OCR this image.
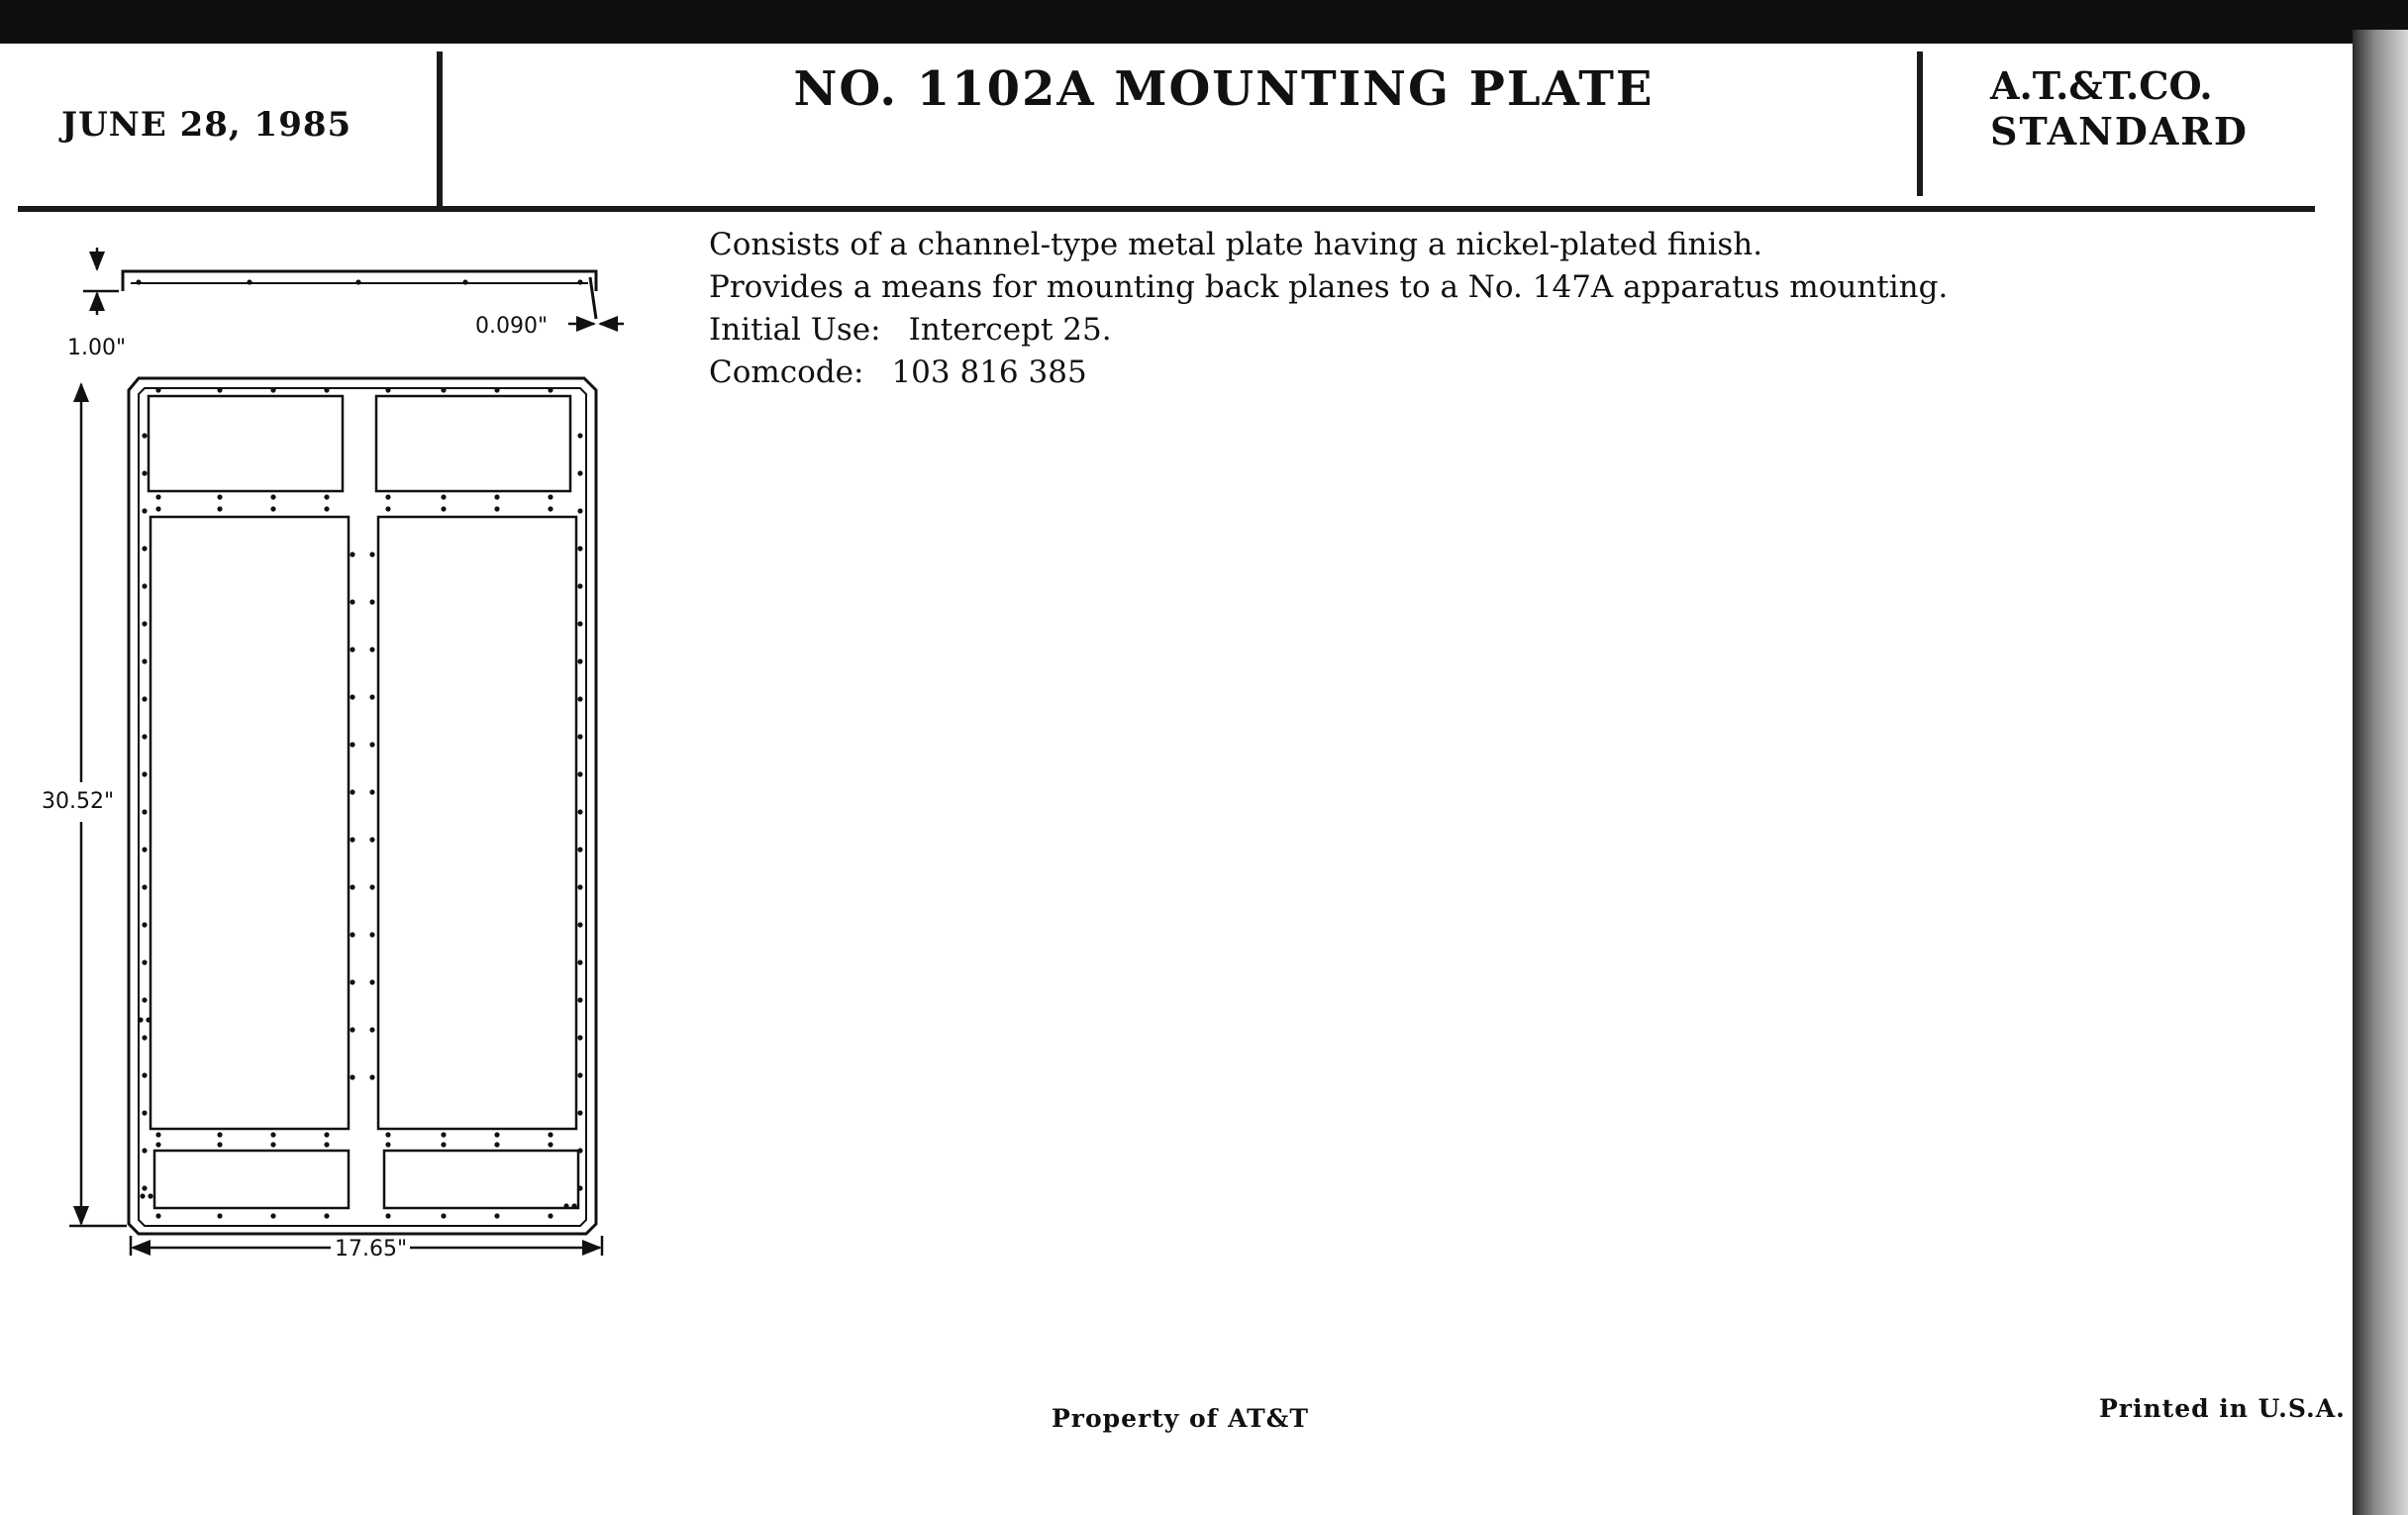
JUNE 28, 1985
NO. 1102A MOUNTING PLATE	A.T.&T.CO.
STANDARD
Consists of a channel-type metal plate having a nickel-plated finish.
Provides a means for mounting back planes to a No. 147A apparatus mounting.
Initial Use: Intercept 25.
Comcode: 103 816 385
1.00"
0.090"
30.52"
17.65"
Property of AT&T	Printed in U.S.A.
